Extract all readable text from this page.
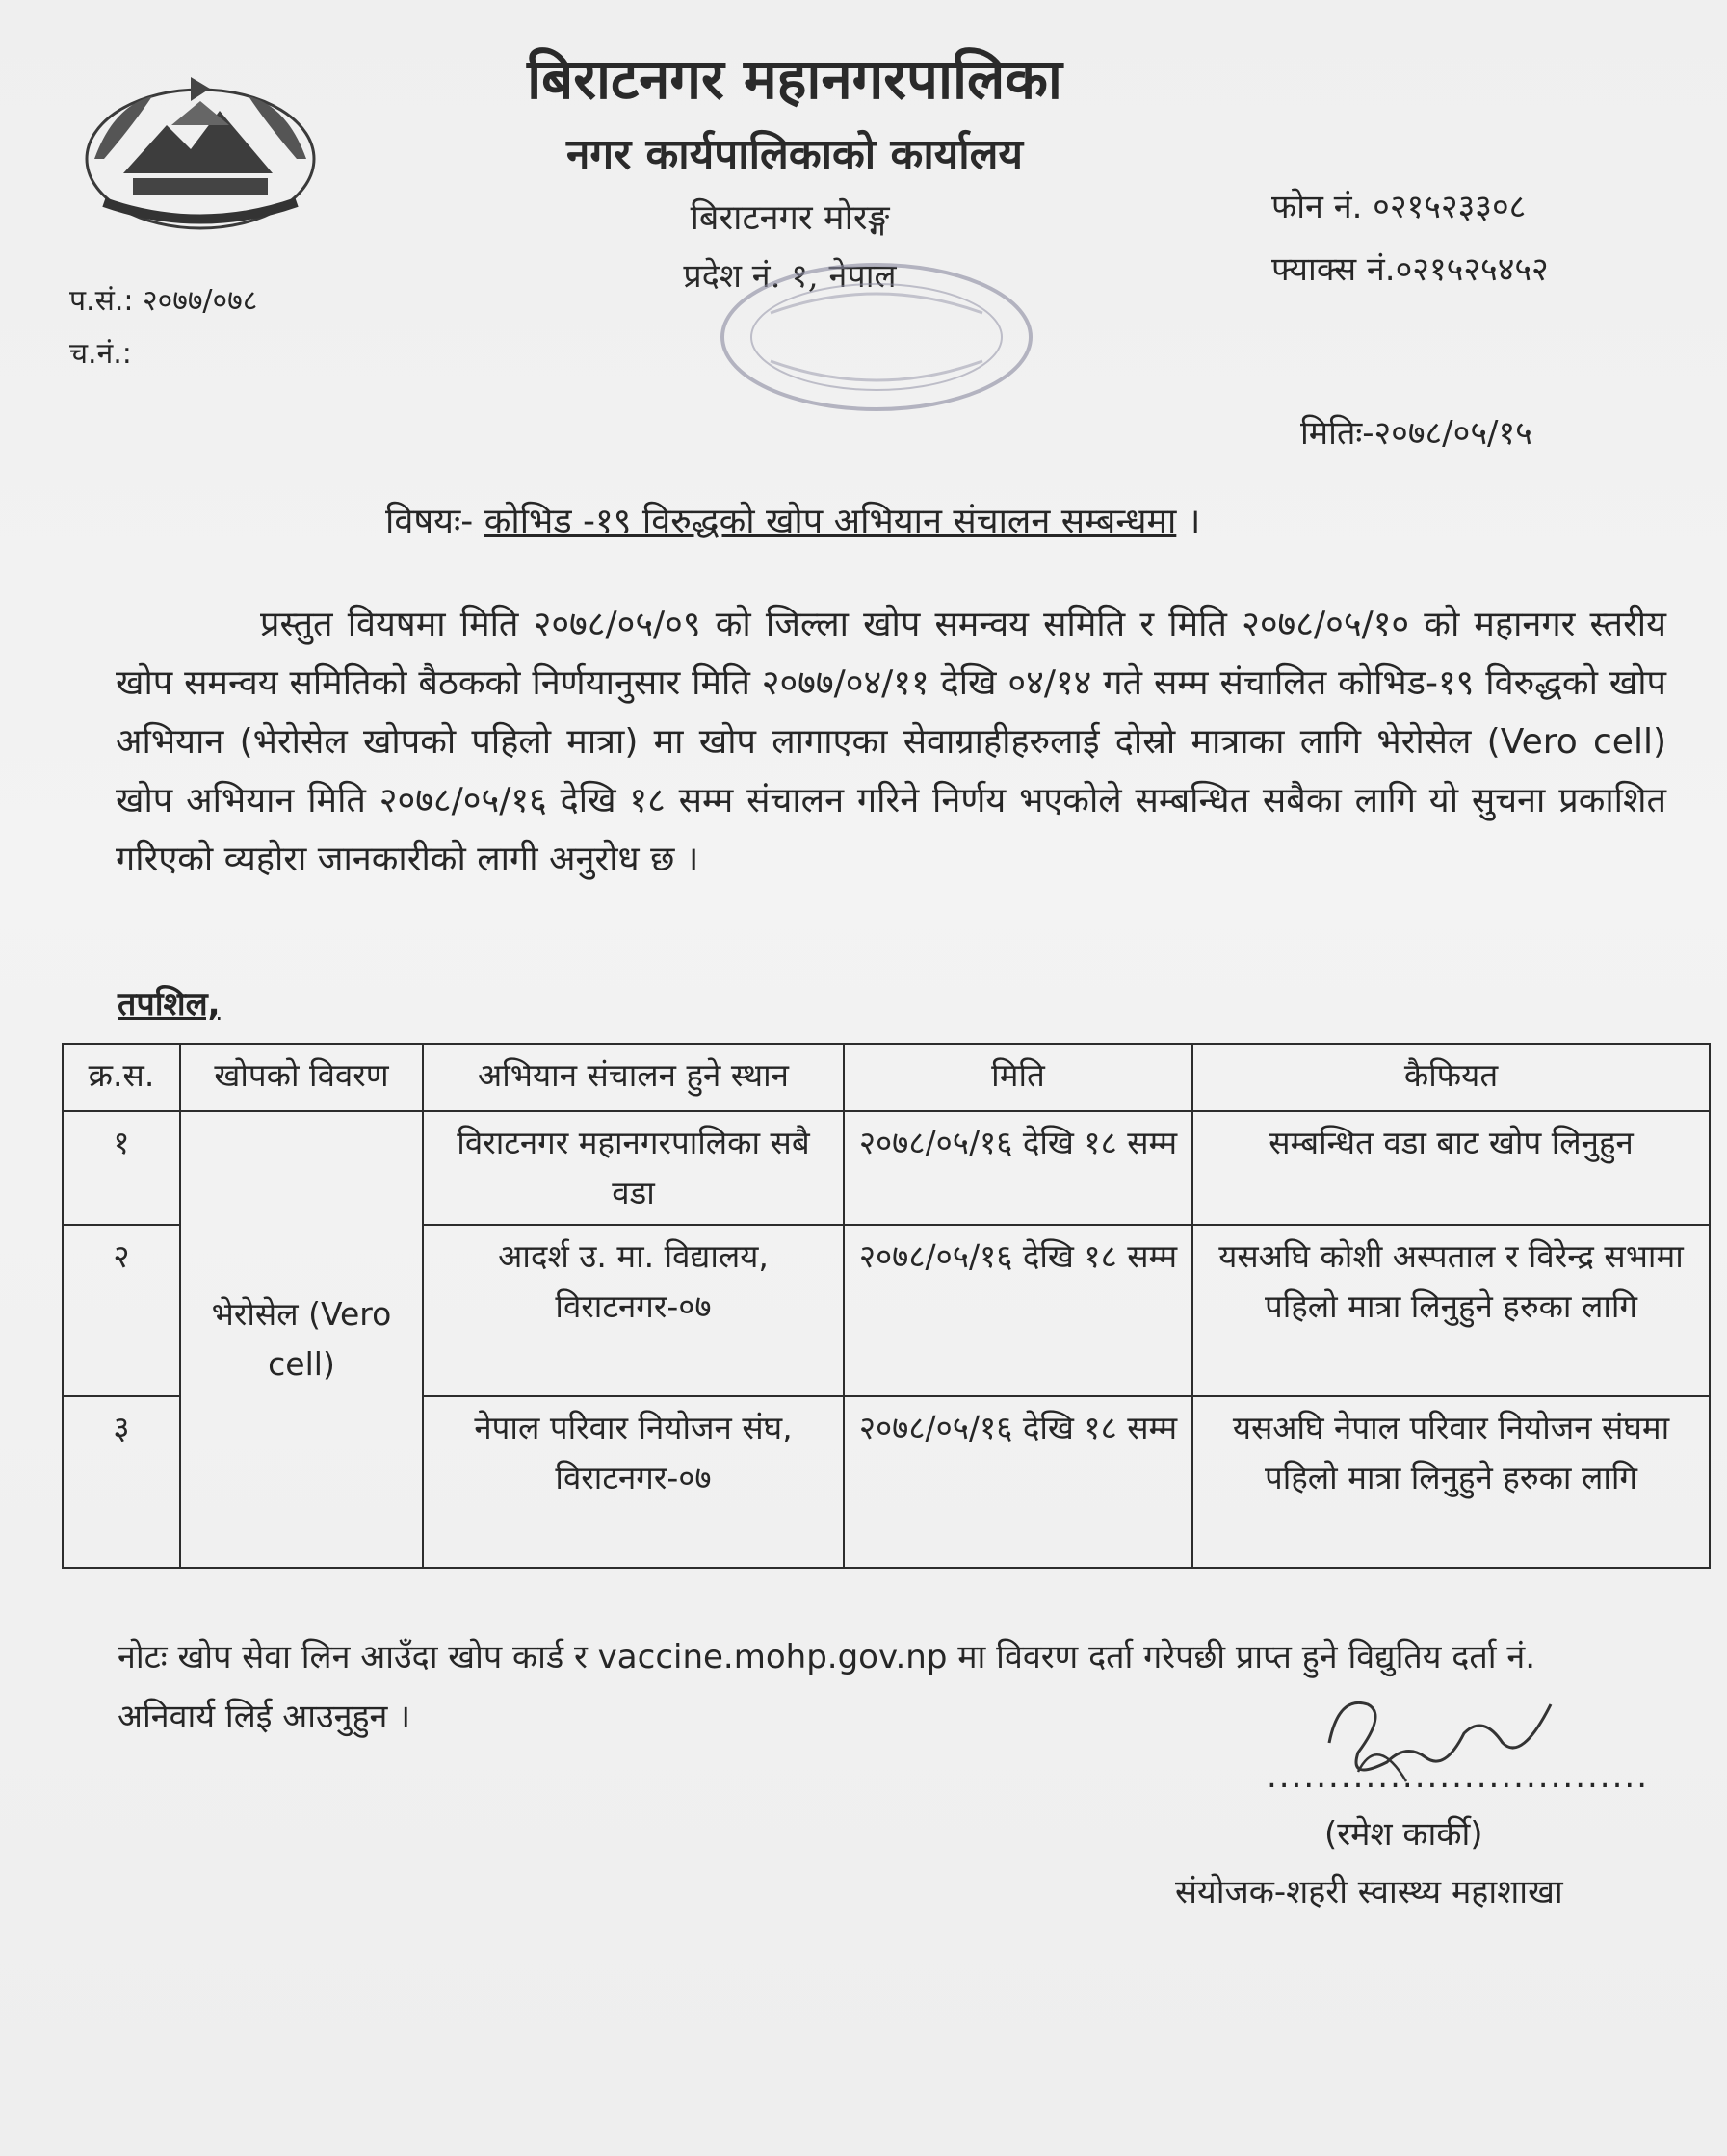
बिराटनगर महानगरपालिका
नगर कार्यपालिकाको कार्यालय
बिराटनगर मोरङ्ग
प्रदेश नं. १, नेपाल
फोन नं. ०२१५२३३०८
फ्याक्स नं.०२१५२५४५२
प.सं.: २०७७/०७८
च.नं.:
मितिः-२०७८/०५/१५
विषयः- कोभिड -१९ विरुद्धको खोप अभियान संचालन सम्बन्धमा ।
प्रस्तुत वियषमा मिति २०७८/०५/०९ को जिल्ला खोप समन्वय समिति र मिति २०७८/०५/१० को महानगर स्तरीय खोप समन्वय समितिको बैठकको निर्णयानुसार मिति २०७७/०४/११ देखि ०४/१४ गते सम्म संचालित कोभिड-१९ विरुद्धको खोप अभियान (भेरोसेल खोपको पहिलो मात्रा) मा खोप लागाएका सेवाग्राहीहरुलाई दोस्रो मात्राका लागि भेरोसेल (Vero cell) खोप अभियान मिति २०७८/०५/१६ देखि १८ सम्म संचालन गरिने निर्णय भएकोले सम्बन्धित सबैका लागि यो सुचना प्रकाशित गरिएको व्यहोरा जानकारीको लागी अनुरोध छ ।
तपशिल,
क्र.स.	खोपको विवरण	अभियान संचालन हुने स्थान	मिति	कैफियत
१	भेरोसेल (Vero cell)	विराटनगर महानगरपालिका सबै वडा	२०७८/०५/१६ देखि १८ सम्म	सम्बन्धित वडा बाट खोप लिनुहुन
२		आदर्श उ. मा. विद्यालय, विराटनगर-०७	२०७८/०५/१६ देखि १८ सम्म	यसअघि कोशी अस्पताल र विरेन्द्र सभामा पहिलो मात्रा लिनुहुने हरुका लागि
३		नेपाल परिवार नियोजन संघ, विराटनगर-०७	२०७८/०५/१६ देखि १८ सम्म	यसअघि नेपाल परिवार नियोजन संघमा पहिलो मात्रा लिनुहुने हरुका लागि
नोटः खोप सेवा लिन आउँदा खोप कार्ड र vaccine.mohp.gov.np मा विवरण दर्ता गरेपछी प्राप्त हुने विद्युतिय दर्ता नं. अनिवार्य लिई आउनुहुन ।
...............................
(रमेश कार्की)
संयोजक-शहरी स्वास्थ्य महाशाखा
